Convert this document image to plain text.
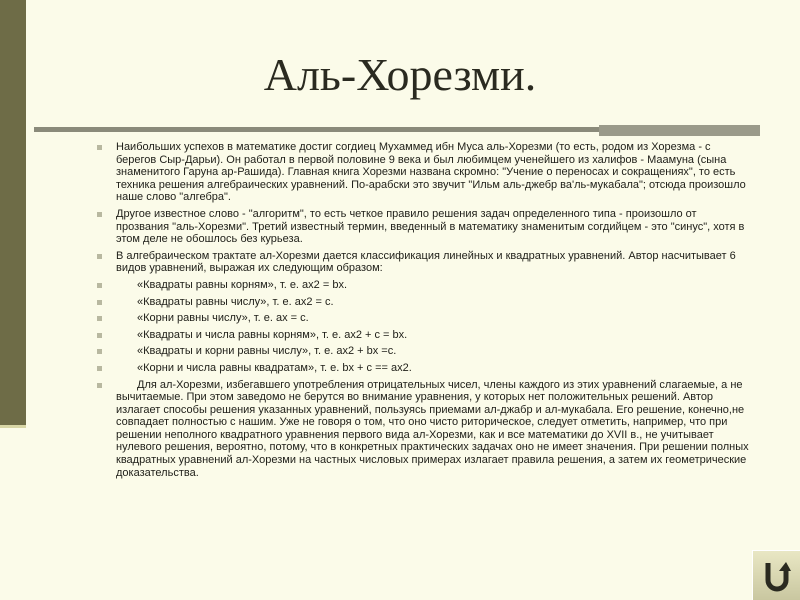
Аль-Хорезми.
Наибольших успехов в математике достиг согдиец Мухаммед ибн Муса аль-Хорезми (то есть, родом из Хорезма - с берегов Сыр-Дарьи). Он работал в первой половине 9 века и был любимцем ученейшего из халифов - Маамуна (сына знаменитого Гаруна ар-Рашида). Главная книга Хорезми названа скромно: "Учение о переносах и сокращениях", то есть техника решения алгебраических уравнений. По-арабски это звучит "Ильм аль-джебр ва'ль-мукабала"; отсюда произошло наше слово "алгебра".
Другое известное слово - "алгоритм", то есть четкое правило решения задач определенного типа - произошло от прозвания "аль-Хорезми". Третий известный термин, введенный в математику знаменитым согдийцем - это "синус", хотя в этом деле не обошлось без курьеза.
В алгебраическом трактате ал-Хорезми дается классификация линейных и квадратных уравнений. Автор насчитывает 6 видов уравнений, выражая их следующим образом:
«Квадраты равны корням», т. е. ах2 = bх.
«Квадраты равны числу», т. е. ах2 = с.
«Корни равны числу», т. е. ах = с.
«Квадраты и числа равны корням», т. е. ах2 + с = bх.
«Квадраты и корни равны числу», т. е. ах2 + bx =с.
«Корни и числа равны квадратам», т. е. bx + с == ах2.
Для ал-Хорезми, избегавшего употребления отрицательных чисел, члены каждого из этих уравнений слагаемые, а не вычитаемые. При этом заведомо не берутся во внимание уравнения, у которых нет положительных решений. Автор излагает способы решения указанных уравнений, пользуясь приемами ал-джабр и ал-мукабала. Его решение, конечно,не совпадает полностью с нашим. Уже не говоря о том, что оно чисто риторическое, следует отметить, например, что при решении неполного квадратного уравнения первого вида ал-Хорезми, как и все математики до XVII в., не учитывает нулевого решения, вероятно, потому, что в конкретных практических задачах оно не имеет значения. При решении полных квадратных уравнений ал-Хорезми на частных числовых примерах излагает правила решения, а затем их геометрические доказательства.
